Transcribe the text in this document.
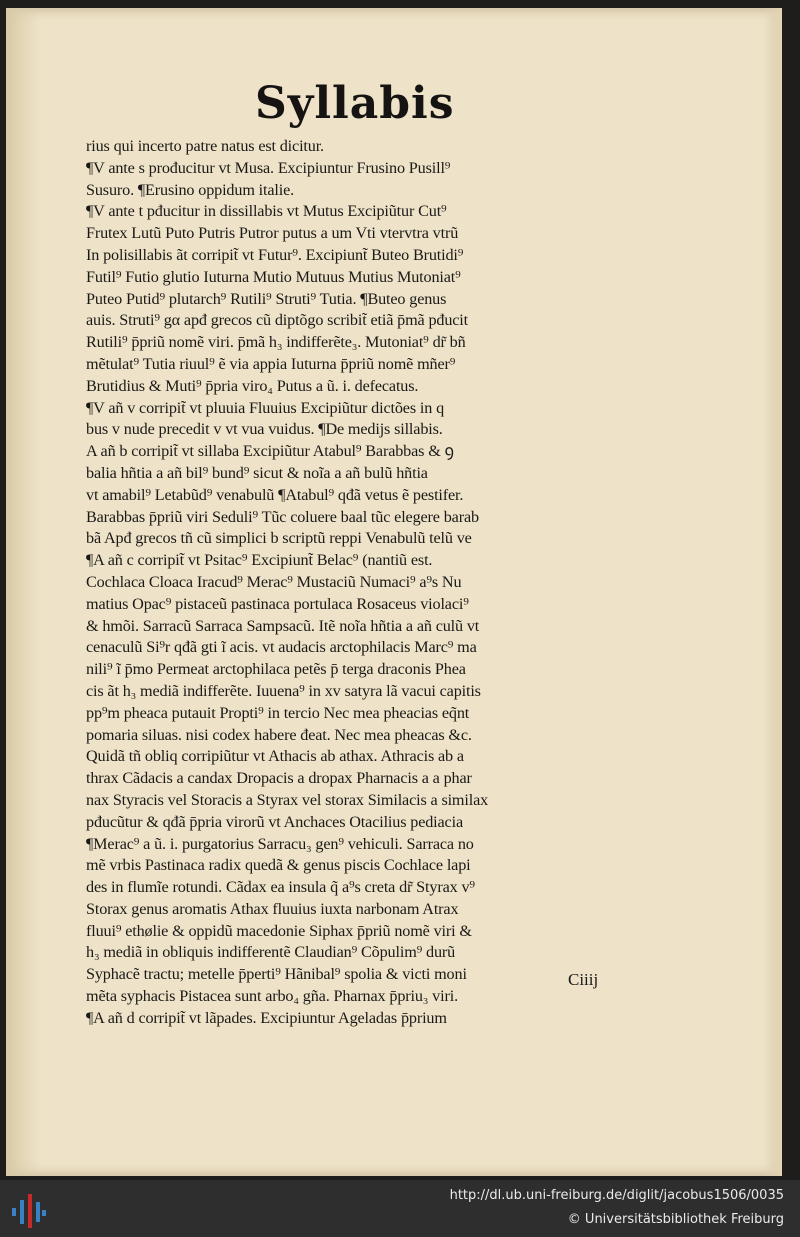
Syllabis
rius qui incerto patre natus est dicitur.
¶V ante s prođucitur vt Musa. Excipiuntur Frusino Pusill⁹
Susuro. ¶Erusino oppidum italie.
¶V ante t pđucitur in dissillabis vt Mutus Excipiũtur Cut⁹
Frutex Lutũ Puto Putris Putror putus a um Vti vtervtra vtrũ
In polisillabis ãt corripit̃ vt Futur⁹. Excipiunt̃ Buteo Brutidi⁹
Futil⁹ Futio glutio Iuturna Mutio Mutuus Mutius Mutoniat⁹
Puteo Putid⁹ plutarch⁹ Rutili⁹ Struti⁹ Tutia. ¶Buteo genus
auis. Struti⁹ gα apđ grecos cũ diptõgo scribit̃ etiã p̄mã pđucit
Rutili⁹ p̄priũ nomẽ viri. p̄mã h₃ indifferẽte₃. Mutoniat⁹ dr̃ bñ
mẽtulat⁹ Tutia riuul⁹ ẽ via appia Iuturna p̄priũ nomẽ mñer⁹
Brutidius & Muti⁹ p̄pria viro₄ Putus a ũ. i. defecatus.
¶V añ v corripit̃ vt pluuia Fluuius Excipiũtur dictões in q
bus v nude precedit v vt vua vuidus. ¶De medijs sillabis.
A añ b corripit̃ vt sillaba Excipiũtur Atabul⁹ Barabbas & ꝯ
balia hñtia a añ bil⁹ bund⁹ sicut & noĩa a añ bulũ hñtia
vt amabil⁹ Letabũd⁹ venabulũ ¶Atabul⁹ qđã vetus ẽ pestifer.
Barabbas p̄priũ viri Seduli⁹ Tũc coluere baal tũc elegere barab
bã Apđ grecos tñ cũ simplici b scriptũ reppi Venabulũ telũ ve
¶A añ c corripit̃ vt Psitac⁹ Excipiunt̃ Belac⁹ (nantiũ est.
Cochlaca Cloaca Iracud⁹ Merac⁹ Mustaciũ Numaci⁹ a⁹s Nu
matius Opac⁹ pistaceũ pastinaca portulaca Rosaceus violaci⁹
& hmõi. Sarracũ Sarraca Sampsacũ. Itẽ noĩa hñtia a añ culũ vt
cenaculũ Si⁹r qđã gti ĩ acis. vt audacis arctophilacis Marc⁹ ma
nili⁹ ĩ p̄mo Permeat arctophilaca petẽs p̄ terga draconis Phea
cis ãt h₃ mediã indifferẽte. Iuuena⁹ in xv satyra lã vacui capitis
pp⁹m pheaca putauit Propti⁹ in tercio Nec mea pheacias eq̃nt
pomaria siluas. nisi codex habere đeat. Nec mea pheacas &c.
Quidã tñ obliq corripiũtur vt Athacis ab athax. Athracis ab a
thrax Cãdacis a candax Dropacis a dropax Pharnacis a a phar
nax Styracis vel Storacis a Styrax vel storax Similacis a similax
pđucũtur & qđã p̄pria virorũ vt Anchaces Otacilius pediacia
¶Merac⁹ a ũ. i. purgatorius Sarracu₃ gen⁹ vehiculi. Sarraca no
mẽ vrbis Pastinaca radix quedã & genus piscis Cochlace lapi
des in flumĩe rotundi. Cãdax ea insula q̃ a⁹s creta dr̃ Styrax v⁹
Storax genus aromatis Athax fluuius iuxta narbonam Atrax
fluui⁹ ethølie & oppidũ macedonie Siphax p̄priũ nomẽ viri &
h₃ mediã in obliquis indifferentẽ Claudian⁹ Cõpulim⁹ durũ
Syphacẽ tractu; metelle p̄perti⁹ Hãnibal⁹ spolia & victi moni
mẽta syphacis Pistacea sunt arbo₄ gña. Pharnax p̄priu₃ viri.
¶A añ d corripit̃ vt lãpades. Excipiuntur Ageladas p̄prium
Ciiij
http://dl.ub.uni-freiburg.de/diglit/jacobus1506/0035
© Universitätsbibliothek Freiburg
